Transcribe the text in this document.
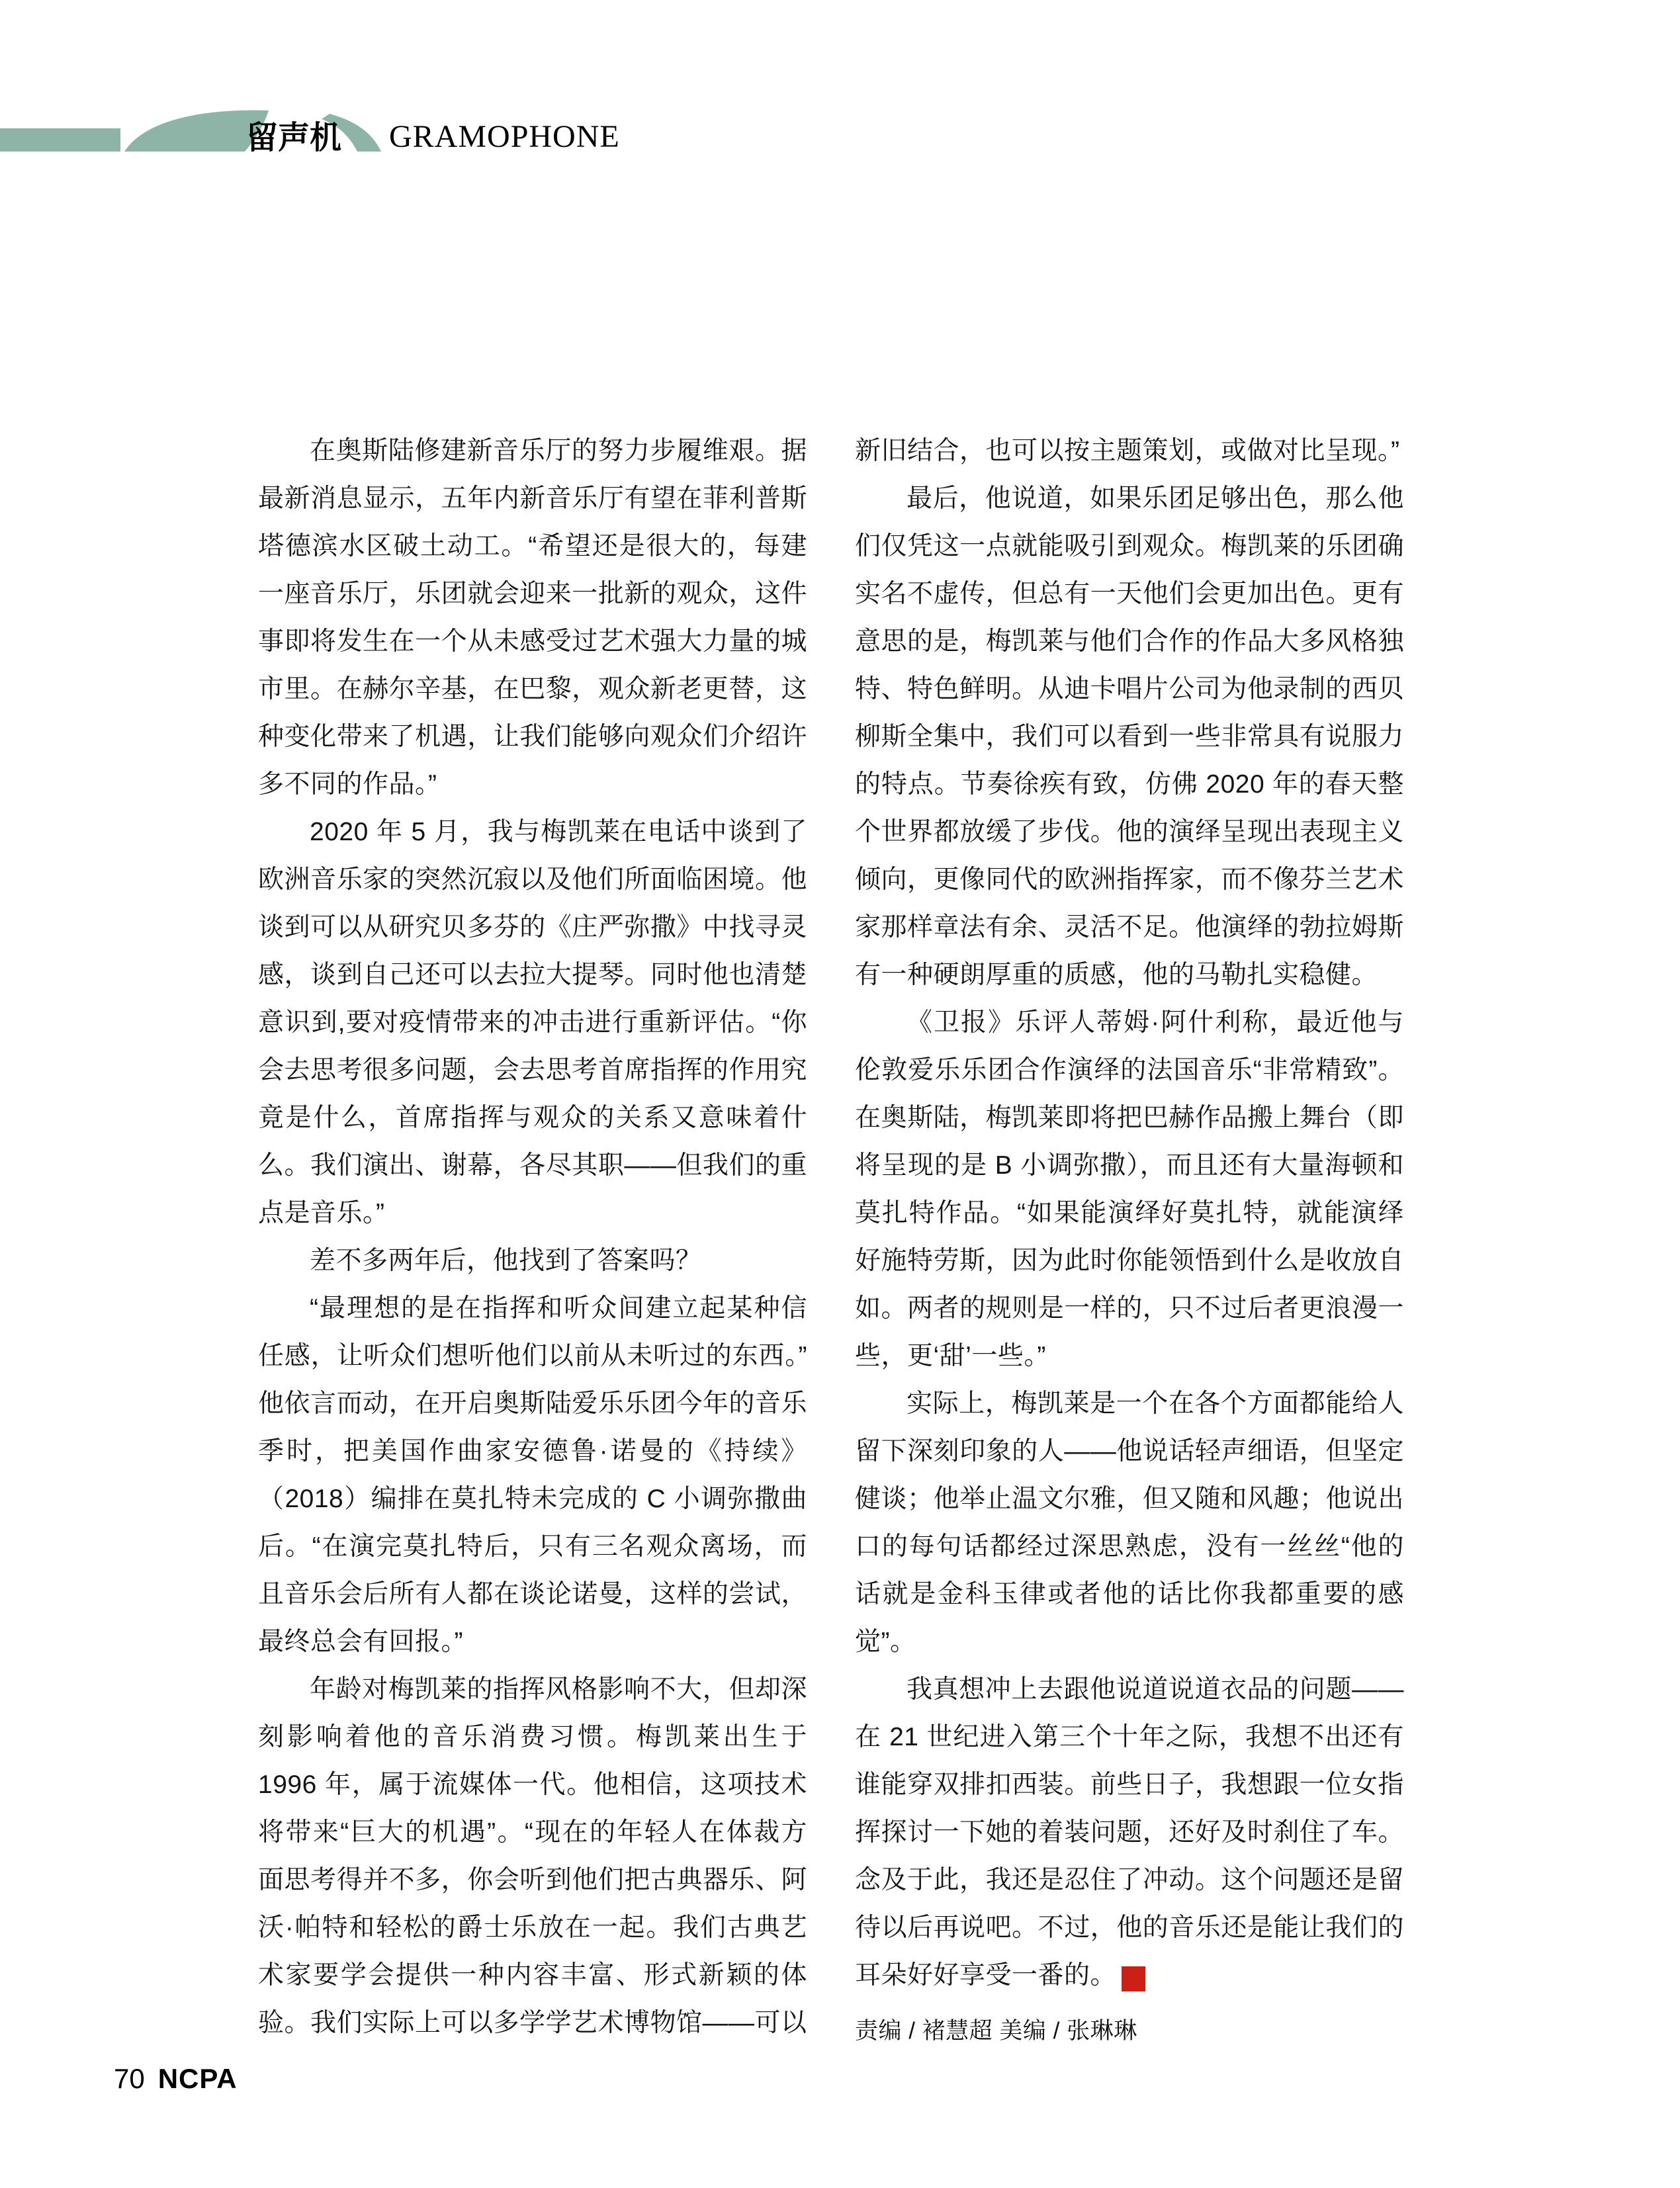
留声机 GRAMOPHONE

在奥斯陆修建新音乐厅的努力步履维艰。据最新消息显示，五年内新音乐厅有望在菲利普斯塔德滨水区破土动工。“希望还是很大的，每建一座音乐厅，乐团就会迎来一批新的观众，这件事即将发生在一个从未感受过艺术强大力量的城市里。在赫尔辛基，在巴黎，观众新老更替，这种变化带来了机遇，让我们能够向观众们介绍许多不同的作品。”

2020 年 5 月，我与梅凯莱在电话中谈到了欧洲音乐家的突然沉寂以及他们所面临困境。他谈到可以从研究贝多芬的《庄严弥撒》中找寻灵感，谈到自己还可以去拉大提琴。同时他也清楚意识到,要对疫情带来的冲击进行重新评估。“你会去思考很多问题，会去思考首席指挥的作用究竟是什么，首席指挥与观众的关系又意味着什么。我们演出、谢幕，各尽其职——但我们的重点是音乐。”

差不多两年后，他找到了答案吗？

“最理想的是在指挥和听众间建立起某种信任感，让听众们想听他们以前从未听过的东西。”他依言而动，在开启奥斯陆爱乐乐团今年的音乐季时，把美国作曲家安德鲁·诺曼的《持续》（2018）编排在莫扎特未完成的 C 小调弥撒曲后。“在演完莫扎特后，只有三名观众离场，而且音乐会后所有人都在谈论诺曼，这样的尝试，最终总会有回报。”

年龄对梅凯莱的指挥风格影响不大，但却深刻影响着他的音乐消费习惯。梅凯莱出生于 1996 年，属于流媒体一代。他相信，这项技术将带来“巨大的机遇”。“现在的年轻人在体裁方面思考得并不多，你会听到他们把古典器乐、阿沃·帕特和轻松的爵士乐放在一起。我们古典艺术家要学会提供一种内容丰富、形式新颖的体验。我们实际上可以多学学艺术博物馆——可以

新旧结合，也可以按主题策划，或做对比呈现。”

最后，他说道，如果乐团足够出色，那么他们仅凭这一点就能吸引到观众。梅凯莱的乐团确实名不虚传，但总有一天他们会更加出色。更有意思的是，梅凯莱与他们合作的作品大多风格独特、特色鲜明。从迪卡唱片公司为他录制的西贝柳斯全集中，我们可以看到一些非常具有说服力的特点。节奏徐疾有致，仿佛 2020 年的春天整个世界都放缓了步伐。他的演绎呈现出表现主义倾向，更像同代的欧洲指挥家，而不像芬兰艺术家那样章法有余、灵活不足。他演绎的勃拉姆斯有一种硬朗厚重的质感，他的马勒扎实稳健。

《卫报》乐评人蒂姆·阿什利称，最近他与伦敦爱乐乐团合作演绎的法国音乐“非常精致”。在奥斯陆，梅凯莱即将把巴赫作品搬上舞台（即将呈现的是 B 小调弥撒），而且还有大量海顿和莫扎特作品。“如果能演绎好莫扎特，就能演绎好施特劳斯，因为此时你能领悟到什么是收放自如。两者的规则是一样的，只不过后者更浪漫一些，更‘甜’一些。”

实际上，梅凯莱是一个在各个方面都能给人留下深刻印象的人——他说话轻声细语，但坚定健谈；他举止温文尔雅，但又随和风趣；他说出口的每句话都经过深思熟虑，没有一丝丝“他的话就是金科玉律或者他的话比你我都重要的感觉”。

我真想冲上去跟他说道说道衣品的问题——在 21 世纪进入第三个十年之际，我想不出还有谁能穿双排扣西装。前些日子，我想跟一位女指挥探讨一下她的着装问题，还好及时刹住了车。念及于此，我还是忍住了冲动。这个问题还是留待以后再说吧。不过，他的音乐还是能让我们的耳朵好好享受一番的。	NC
PA

责编 / 褚慧超 美编 / 张琳琳
70 NCPA
